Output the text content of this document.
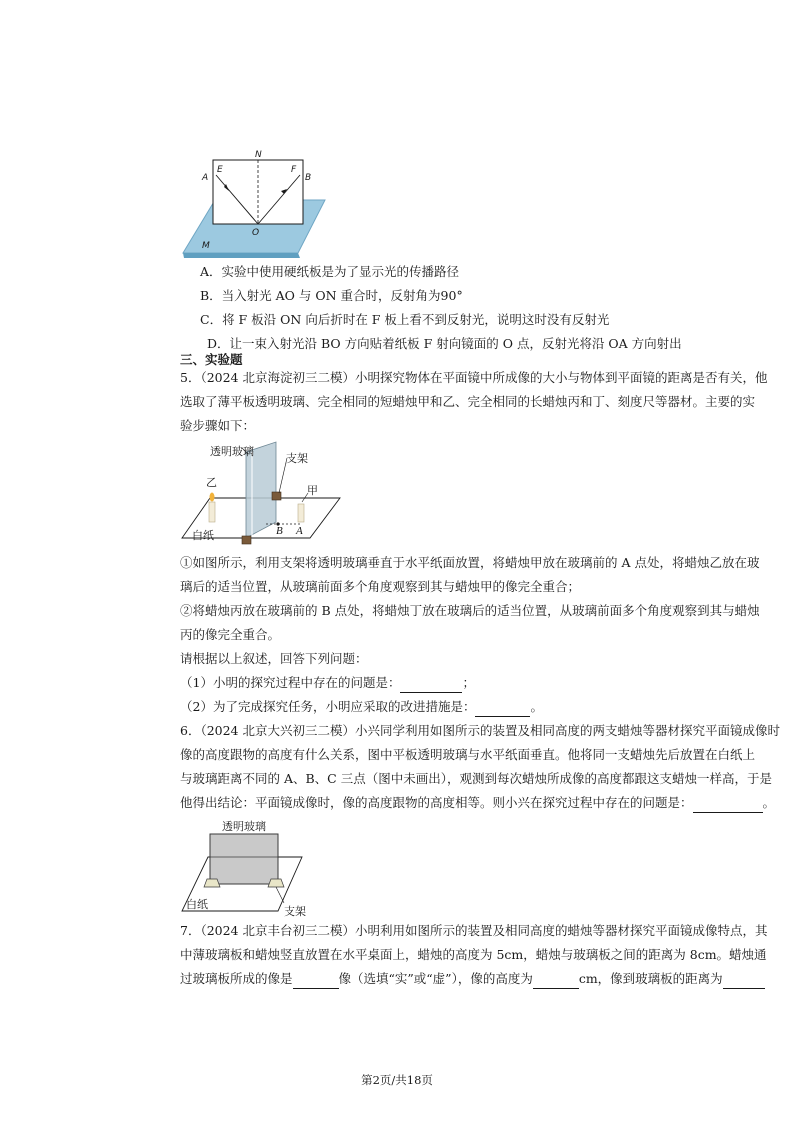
N
E	F
A	B
O
M
A．实验中使用硬纸板是为了显示光的传播路径
B．当入射光 AO 与 ON 重合时，反射角为90°
C．将 F 板沿 ON 向后折时在 F 板上看不到反射光，说明这时没有反射光
D．让一束入射光沿 BO 方向贴着纸板 F 射向镜面的 O 点，反射光将沿 OA 方向射出
三、实验题
5．（2024 北京海淀初三二模）小明探究物体在平面镜中所成像的大小与物体到平面镜的距离是否有关，他
选取了薄平板透明玻璃、完全相同的短蜡烛甲和乙、完全相同的长蜡烛丙和丁、刻度尺等器材。主要的实
验步骤如下：
透明玻璃
支架
乙
甲
白纸	B A
①如图所示，利用支架将透明玻璃垂直于水平纸面放置，将蜡烛甲放在玻璃前的 A 点处，将蜡烛乙放在玻
璃后的适当位置，从玻璃前面多个角度观察到其与蜡烛甲的像完全重合；
②将蜡烛丙放在玻璃前的 B 点处，将蜡烛丁放在玻璃后的适当位置，从玻璃前面多个角度观察到其与蜡烛
丙的像完全重合。
请根据以上叙述，回答下列问题：
（1）小明的探究过程中存在的问题是：	；
（2）为了完成探究任务，小明应采取的改进措施是：	。
6．（2024 北京大兴初三二模）小兴同学利用如图所示的装置及相同高度的两支蜡烛等器材探究平面镜成像时
像的高度跟物的高度有什么关系，图中平板透明玻璃与水平纸面垂直。他将同一支蜡烛先后放置在白纸上
与玻璃距离不同的 A、B、C 三点（图中未画出），观测到每次蜡烛所成像的高度都跟这支蜡烛一样高，于是
他得出结论：平面镜成像时，像的高度跟物的高度相等。则小兴在探究过程中存在的问题是：	。
透明玻璃
白纸
支架
7．（2024 北京丰台初三二模）小明利用如图所示的装置及相同高度的蜡烛等器材探究平面镜成像特点，其
中薄玻璃板和蜡烛竖直放置在水平桌面上，蜡烛的高度为 5cm，蜡烛与玻璃板之间的距离为 8cm。蜡烛通
过玻璃板所成的像是	像（选填“实”或“虚”），像的高度为	cm，像到玻璃板的距离为
第2页/共18页
